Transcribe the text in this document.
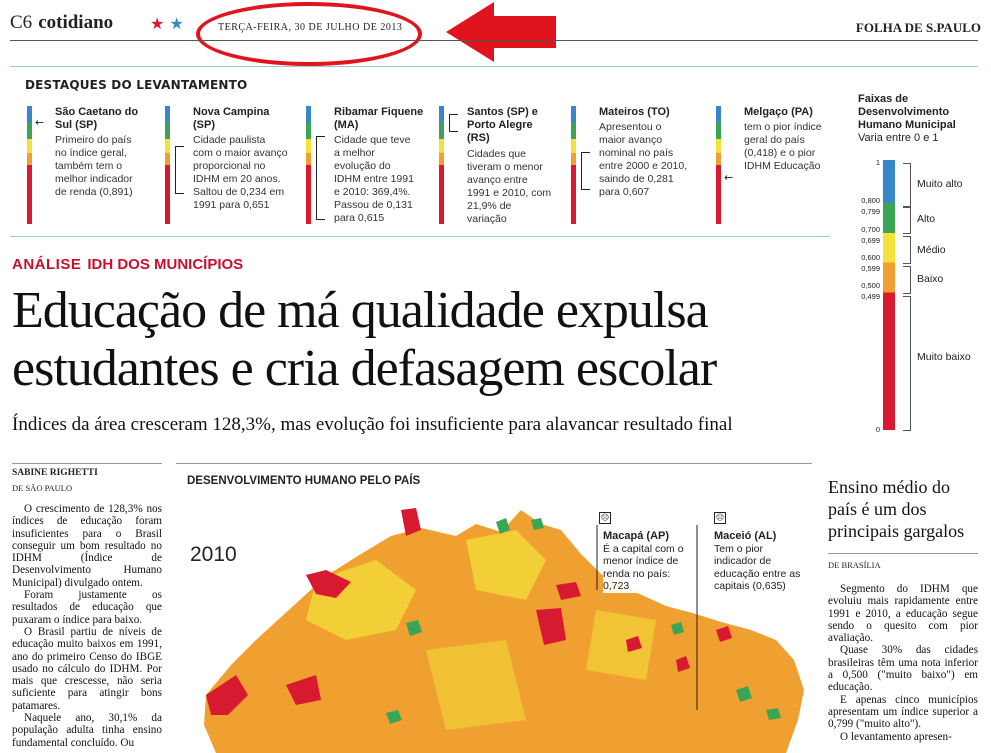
C6 cotidiano ★ ★	TERÇA-FEIRA, 30 DE JULHO DE 2013	FOLHA DE S.PAULO
DESTAQUES DO LEVANTAMENTO
←
São Caetano do Sul (SP)
Primeiro do país no índice geral, também tem o melhor indicador de renda (0,891)
Nova Campina (SP)
Cidade paulista com o maior avanço proporcional no IDHM em 20 anos. Saltou de 0,234 em 1991 para 0,651
Ribamar Fiquene (MA)
Cidade que teve a melhor evolução do IDHM entre 1991 e 2010: 369,4%. Passou de 0,131 para 0,615
Santos (SP) e Porto Alegre (RS)
Cidades que tiveram o menor avanço entre 1991 e 2010, com 21,9% de variação
Mateiros (TO)
Apresentou o maior avanço nominal no país entre 2000 e 2010, saindo de 0,281 para 0,607
←
Melgaço (PA)
tem o pior índice geral do país (0,418) e o pior IDHM Educação
Faixas de Desenvolvimento Humano Municipal
Varia entre 0 e 1
1
0,800
0,799
0,700
0,699
0,600
0,599
0,500
0,499
0
Muito alto
Alto
Médio
Baixo
Muito baixo
ANÁLISE IDH DOS MUNICÍPIOS
Educação de má qualidade expulsa
estudantes e cria defasagem escolar
Índices da área cresceram 128,3%, mas evolução foi insuficiente para alavancar resultado final
SABINE RIGHETTI
DE SÃO PAULO

O crescimento de 128,3% nos índices de educação foram insuficientes para o Brasil conseguir um bom resultado no IDHM (Índice de Desenvolvimento Humano Municipal) divulgado ontem.

Foram justamente os resultados de educação que puxaram o índice para baixo.

O Brasil partiu de níveis de educação muito baixos em 1991, ano do primeiro Censo do IBGE usado no cálculo do IDHM. Por mais que crescesse, não seria suficiente para atingir bons patamares.

Naquele ano, 30,1% da população adulta tinha ensino fundamental concluído. Ou

DESENVOLVIMENTO HUMANO PELO PAÍS
2010
☹
Macapá (AP)
É a capital com o menor índice de renda no país: 0,723
☹
Maceió (AL)
Tem o pior indicador de educação entre as capitais (0,635)
Ensino médio do país é um dos principais gargalos
DE BRASÍLIA

Segmento do IDHM que evoluiu mais rapidamente entre 1991 e 2010, a educação segue sendo o quesito com pior avaliação.

Quase 30% das cidades brasileiras têm uma nota inferior a 0,500 ("muito baixo") em educação.

E apenas cinco municípios apresentam um índice superior a 0,799 ("muito alto").

O levantamento apresen-
